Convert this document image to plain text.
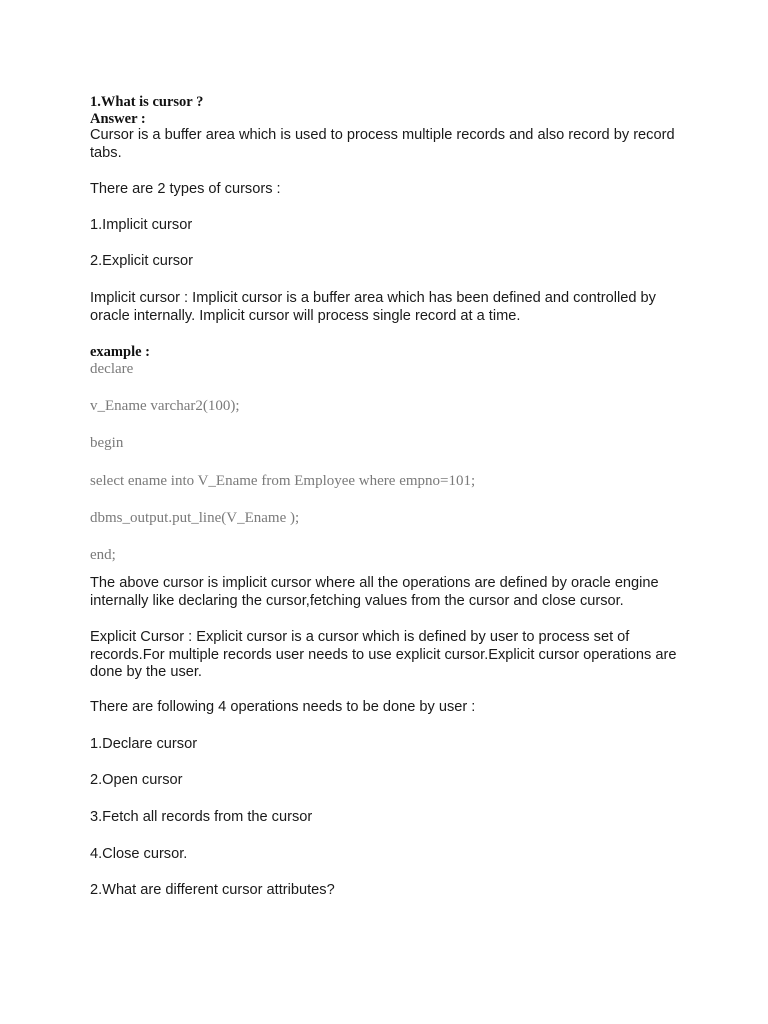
1.What is cursor ?

Answer :

Cursor is a buffer area which is used to process multiple records and also record by record tabs.

There are 2 types of cursors :

1.Implicit cursor

2.Explicit cursor

Implicit cursor : Implicit cursor is a buffer area which has been defined and controlled by oracle internally. Implicit cursor will process single record at a time.

example :

declare

v_Ename varchar2(100);

begin

select ename into V_Ename from Employee where empno=101;

dbms_output.put_line(V_Ename );

end;

The above cursor is implicit cursor where all the operations are defined by oracle engine internally like declaring the cursor,fetching values from the cursor and close cursor.

Explicit Cursor : Explicit cursor is a cursor which is defined by user to process set of records.For multiple records user needs to use explicit cursor.Explicit cursor operations are done by the user.

There are following 4 operations needs to be done by user :

1.Declare cursor

2.Open cursor

3.Fetch all records from the cursor

4.Close cursor.

2.What are different cursor attributes?
